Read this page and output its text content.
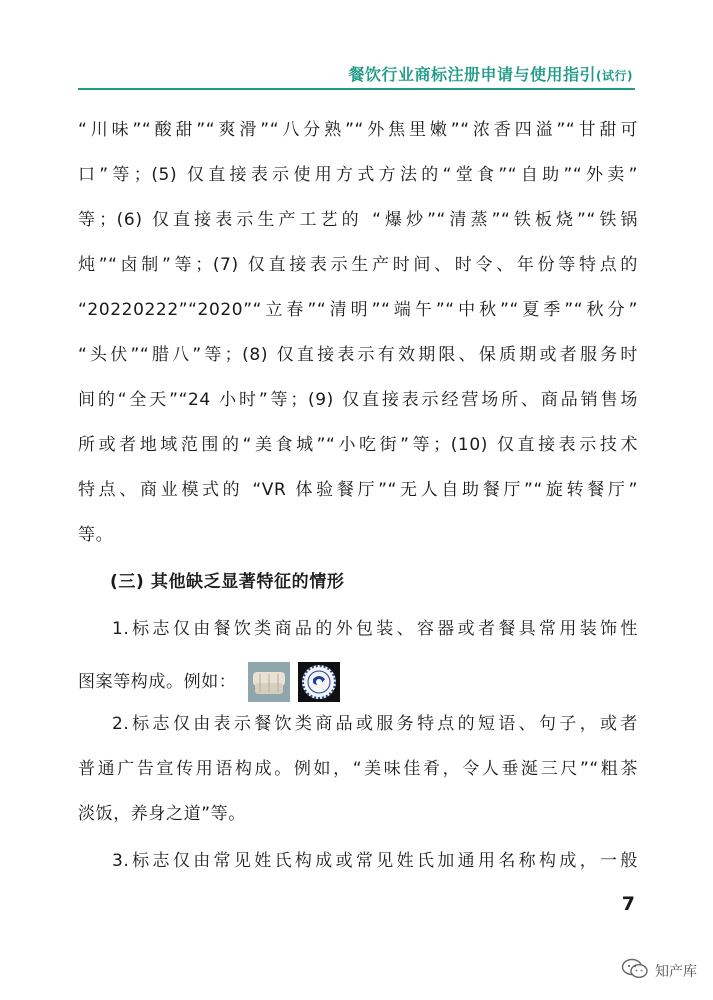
餐饮行业商标注册申请与使用指引(试行)
“川味”“酸甜”“爽滑”“八分熟”“外焦里嫩”“浓香四溢”“甘甜可
口”等；(5) 仅直接表示使用方式方法的“堂食”“自助”“外卖”
等；(6) 仅直接表示生产工艺的 “爆炒”“清蒸”“铁板烧”“铁锅
炖”“卤制”等；(7) 仅直接表示生产时间、时令、年份等特点的
“20220222”“2020”“立春”“清明”“端午”“中秋”“夏季”“秋分”
“头伏”“腊八”等；(8) 仅直接表示有效期限、保质期或者服务时
间的“全天”“24 小时”等；(9) 仅直接表示经营场所、商品销售场
所或者地域范围的“美食城”“小吃街”等；(10) 仅直接表示技术
特点、商业模式的 “VR 体验餐厅”“无人自助餐厅”“旋转餐厅”
等。
(三) 其他缺乏显著特征的情形
1.标志仅由餐饮类商品的外包装、容器或者餐具常用装饰性
图案等构成。例如：
2.标志仅由表示餐饮类商品或服务特点的短语、句子，或者
普通广告宣传用语构成。例如，“美味佳肴，令人垂涎三尺”“粗茶
淡饭，养身之道”等。
3.标志仅由常见姓氏构成或常见姓氏加通用名称构成，一般
7
知产库
